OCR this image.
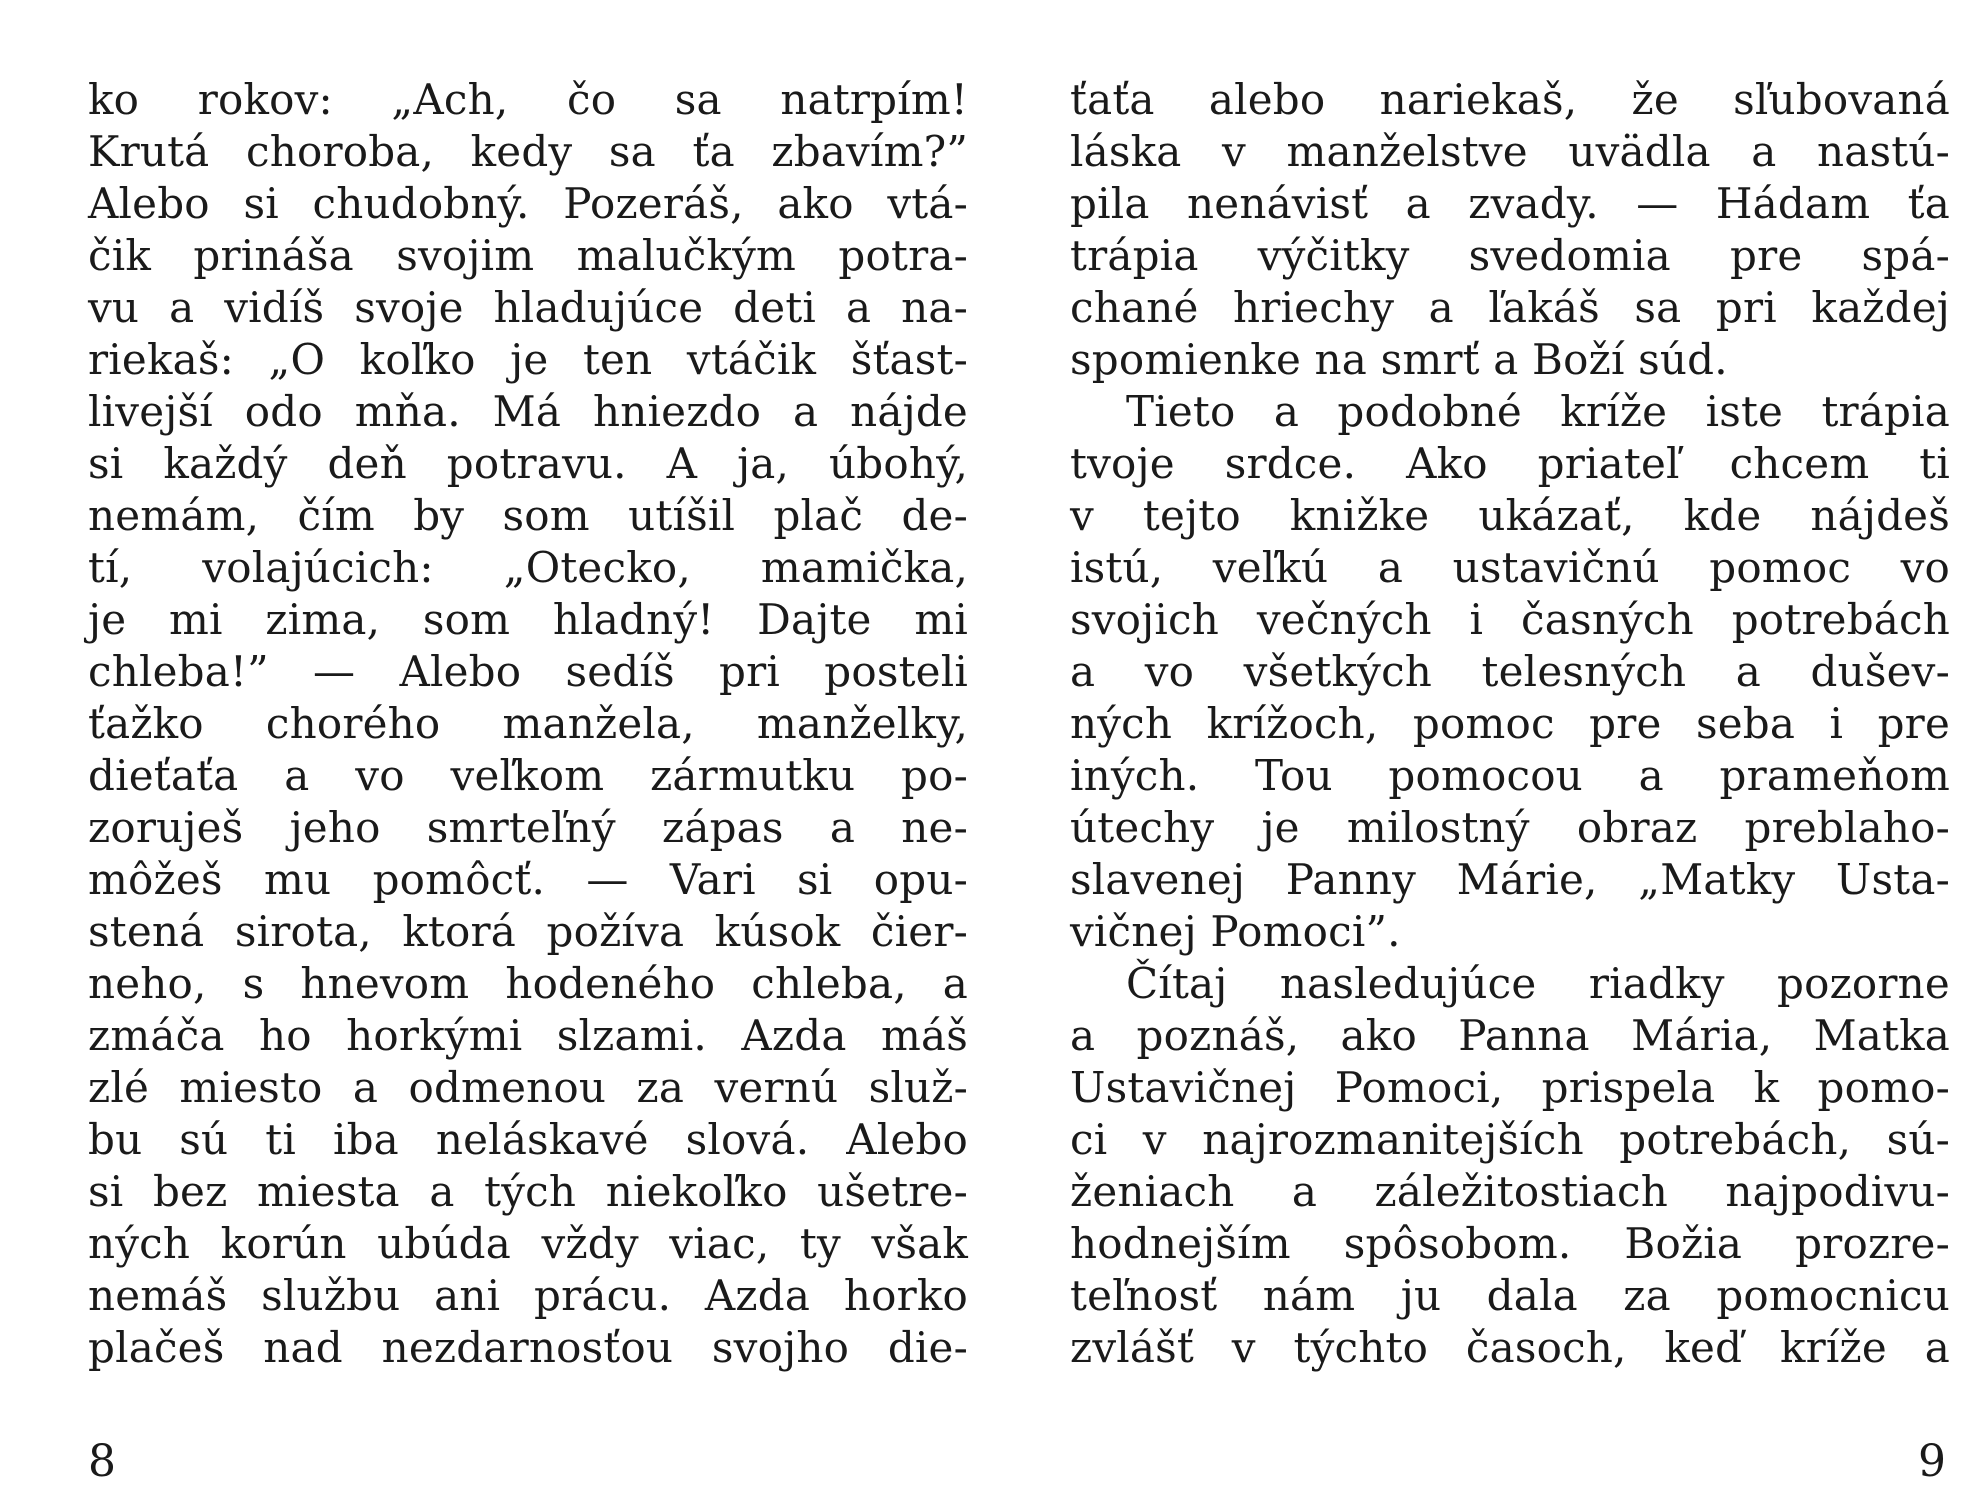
ko rokov: „Ach, čo sa natrpím!
Krutá choroba, kedy sa ťa zbavím?”
Alebo si chudobný. Pozeráš, ako vtá-
čik prináša svojim malučkým potra-
vu a vidíš svoje hladujúce deti a na-
riekaš: „O koľko je ten vtáčik šťast-
livejší odo mňa. Má hniezdo a nájde
si každý deň potravu. A ja, úbohý,
nemám, čím by som utíšil plač de-
tí, volajúcich: „Otecko, mamička,
je mi zima, som hladný! Dajte mi
chleba!” — Alebo sedíš pri posteli
ťažko chorého manžela, manželky,
dieťaťa a vo veľkom zármutku po-
zoruješ jeho smrteľný zápas a ne-
môžeš mu pomôcť. — Vari si opu-
stená sirota, ktorá požíva kúsok čier-
neho, s hnevom hodeného chleba, a
zmáča ho horkými slzami. Azda máš
zlé miesto a odmenou za vernú služ-
bu sú ti iba neláskavé slová. Alebo
si bez miesta a tých niekoľko ušetre-
ných korún ubúda vždy viac, ty však
nemáš službu ani prácu. Azda horko
plačeš nad nezdarnosťou svojho die-
ťaťa alebo nariekaš, že sľubovaná
láska v manželstve uvädla a nastú-
pila nenávisť a zvady. — Hádam ťa
trápia výčitky svedomia pre spá-
chané hriechy a ľakáš sa pri každej
spomienke na smrť a Boží súd.
Tieto a podobné kríže iste trápia
tvoje srdce. Ako priateľ chcem ti
v tejto knižke ukázať, kde nájdeš
istú, veľkú a ustavičnú pomoc vo
svojich večných i časných potrebách
a vo všetkých telesných a dušev-
ných krížoch, pomoc pre seba i pre
iných. Tou pomocou a prameňom
útechy je milostný obraz preblaho-
slavenej Panny Márie, „Matky Usta-
vičnej Pomoci”.
Čítaj nasledujúce riadky pozorne
a poznáš, ako Panna Mária, Matka
Ustavičnej Pomoci, prispela k pomo-
ci v najrozmanitejších potrebách, sú-
ženiach a záležitostiach najpodivu-
hodnejším spôsobom. Božia prozre-
teľnosť nám ju dala za pomocnicu
zvlášť v týchto časoch, keď kríže a
8	9
